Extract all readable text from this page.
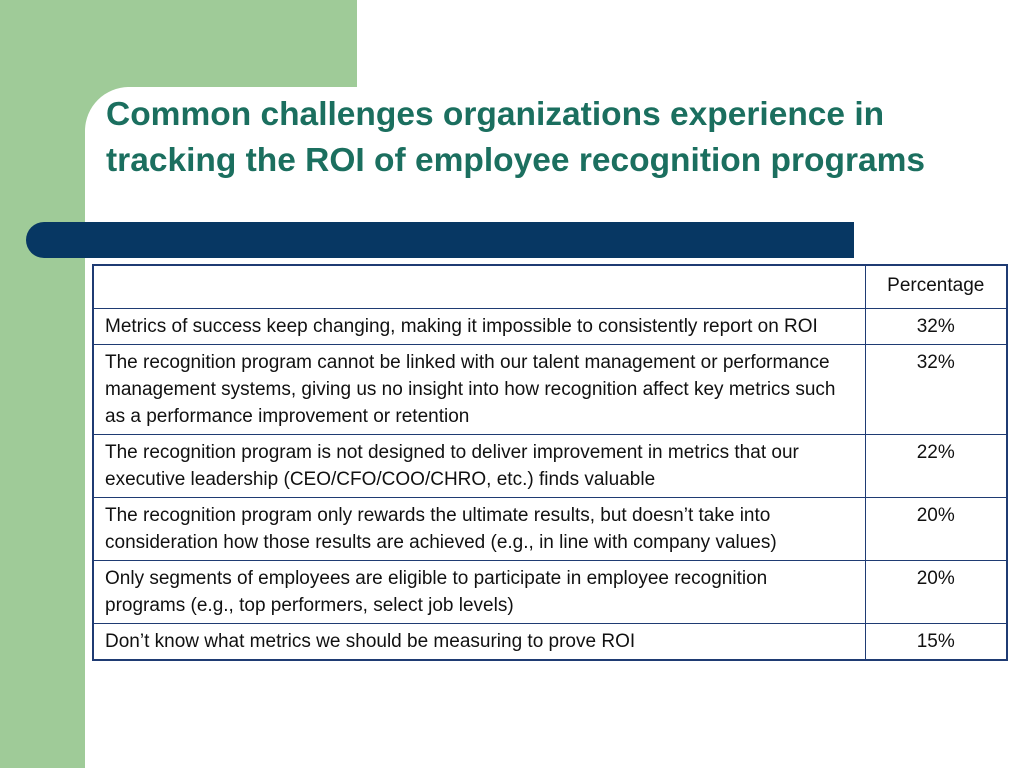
Common challenges organizations experience in tracking the ROI of employee recognition programs
	Percentage
Metrics of success keep changing, making it impossible to consistently report on ROI	32%
The recognition program cannot be linked with our talent management or performance management systems, giving us no insight into how recognition affect key metrics such as a performance improvement or retention	32%
The recognition program is not designed to deliver improvement in metrics that our executive leadership (CEO/CFO/COO/CHRO, etc.) finds valuable	22%
The recognition program only rewards the ultimate results, but doesn’t take into consideration how those results are achieved (e.g., in line with company values)	20%
Only segments of employees are eligible to participate in employee recognition programs (e.g., top performers, select job levels)	20%
Don’t know what metrics we should be measuring to prove ROI	15%
